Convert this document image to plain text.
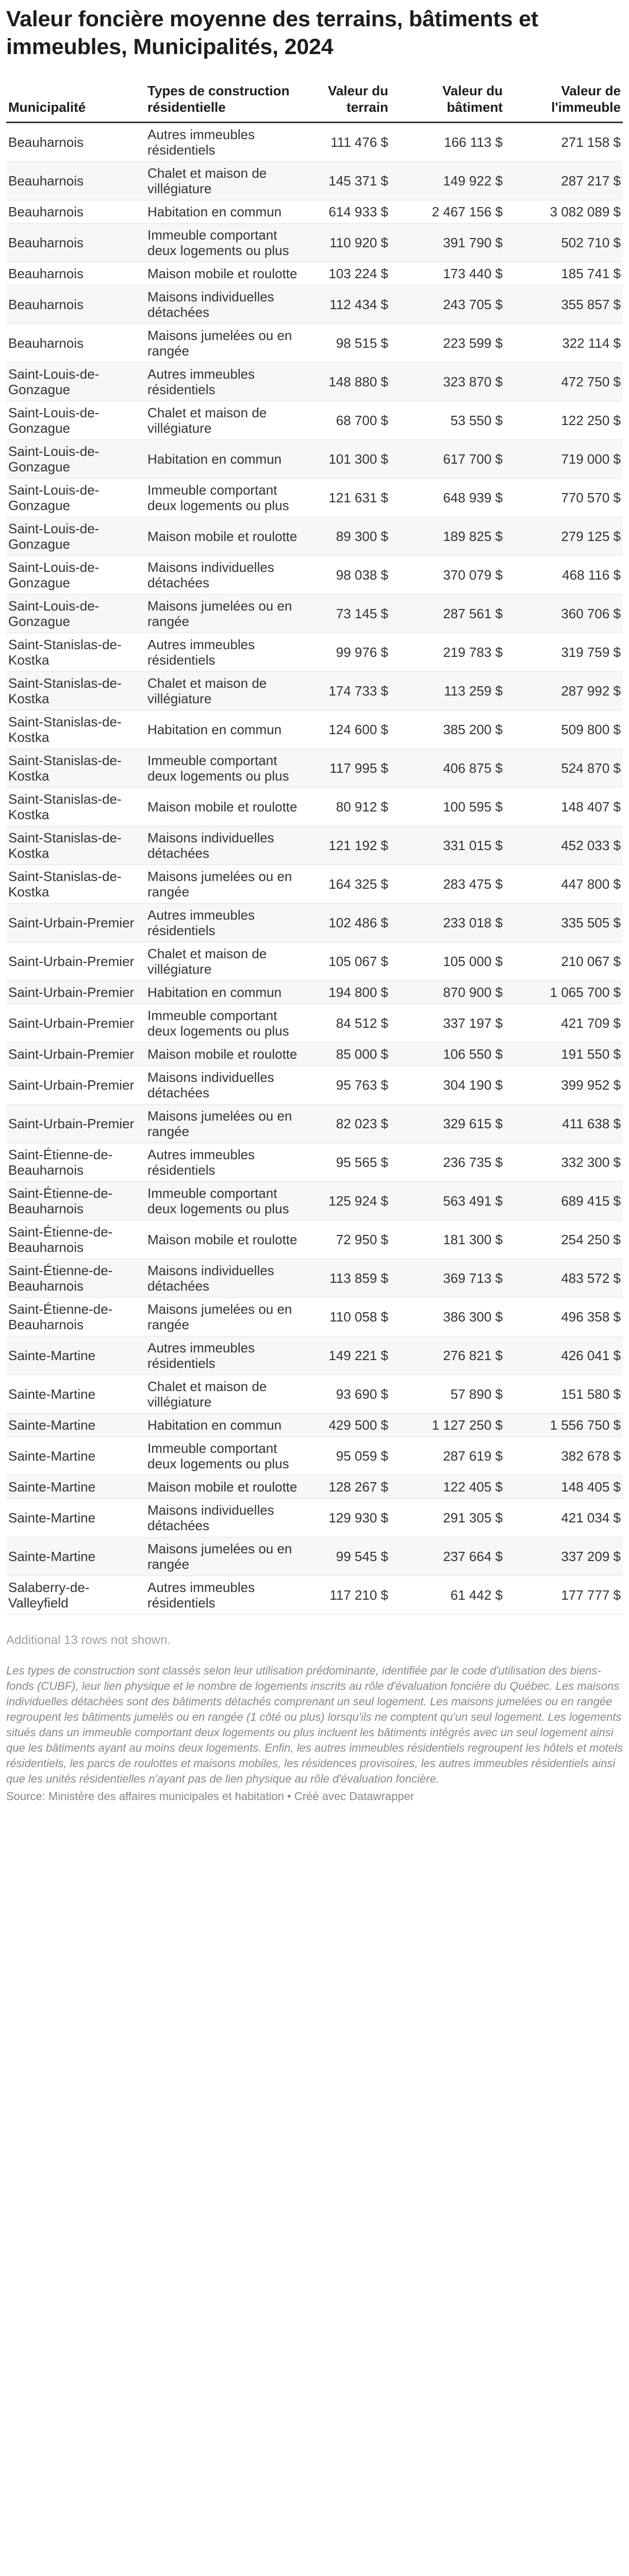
Valeur foncière moyenne des terrains, bâtiments et immeubles, Municipalités, 2024
Municipalité	Types de construction résidentielle	Valeur du terrain	Valeur du bâtiment	Valeur de l'immeuble
Beauharnois	Autres immeubles résidentiels	111 476 $	166 113 $	271 158 $
Beauharnois	Chalet et maison de villégiature	145 371 $	149 922 $	287 217 $
Beauharnois	Habitation en commun	614 933 $	2 467 156 $	3 082 089 $
Beauharnois	Immeuble comportant deux logements ou plus	110 920 $	391 790 $	502 710 $
Beauharnois	Maison mobile et roulotte	103 224 $	173 440 $	185 741 $
Beauharnois	Maisons individuelles détachées	112 434 $	243 705 $	355 857 $
Beauharnois	Maisons jumelées ou en rangée	98 515 $	223 599 $	322 114 $
Saint-Louis-de-Gonzague	Autres immeubles résidentiels	148 880 $	323 870 $	472 750 $
Saint-Louis-de-Gonzague	Chalet et maison de villégiature	68 700 $	53 550 $	122 250 $
Saint-Louis-de-Gonzague	Habitation en commun	101 300 $	617 700 $	719 000 $
Saint-Louis-de-Gonzague	Immeuble comportant deux logements ou plus	121 631 $	648 939 $	770 570 $
Saint-Louis-de-Gonzague	Maison mobile et roulotte	89 300 $	189 825 $	279 125 $
Saint-Louis-de-Gonzague	Maisons individuelles détachées	98 038 $	370 079 $	468 116 $
Saint-Louis-de-Gonzague	Maisons jumelées ou en rangée	73 145 $	287 561 $	360 706 $
Saint-Stanislas-de-Kostka	Autres immeubles résidentiels	99 976 $	219 783 $	319 759 $
Saint-Stanislas-de-Kostka	Chalet et maison de villégiature	174 733 $	113 259 $	287 992 $
Saint-Stanislas-de-Kostka	Habitation en commun	124 600 $	385 200 $	509 800 $
Saint-Stanislas-de-Kostka	Immeuble comportant deux logements ou plus	117 995 $	406 875 $	524 870 $
Saint-Stanislas-de-Kostka	Maison mobile et roulotte	80 912 $	100 595 $	148 407 $
Saint-Stanislas-de-Kostka	Maisons individuelles détachées	121 192 $	331 015 $	452 033 $
Saint-Stanislas-de-Kostka	Maisons jumelées ou en rangée	164 325 $	283 475 $	447 800 $
Saint-Urbain-Premier	Autres immeubles résidentiels	102 486 $	233 018 $	335 505 $
Saint-Urbain-Premier	Chalet et maison de villégiature	105 067 $	105 000 $	210 067 $
Saint-Urbain-Premier	Habitation en commun	194 800 $	870 900 $	1 065 700 $
Saint-Urbain-Premier	Immeuble comportant deux logements ou plus	84 512 $	337 197 $	421 709 $
Saint-Urbain-Premier	Maison mobile et roulotte	85 000 $	106 550 $	191 550 $
Saint-Urbain-Premier	Maisons individuelles détachées	95 763 $	304 190 $	399 952 $
Saint-Urbain-Premier	Maisons jumelées ou en rangée	82 023 $	329 615 $	411 638 $
Saint-Étienne-de-Beauharnois	Autres immeubles résidentiels	95 565 $	236 735 $	332 300 $
Saint-Étienne-de-Beauharnois	Immeuble comportant deux logements ou plus	125 924 $	563 491 $	689 415 $
Saint-Étienne-de-Beauharnois	Maison mobile et roulotte	72 950 $	181 300 $	254 250 $
Saint-Étienne-de-Beauharnois	Maisons individuelles détachées	113 859 $	369 713 $	483 572 $
Saint-Étienne-de-Beauharnois	Maisons jumelées ou en rangée	110 058 $	386 300 $	496 358 $
Sainte-Martine	Autres immeubles résidentiels	149 221 $	276 821 $	426 041 $
Sainte-Martine	Chalet et maison de villégiature	93 690 $	57 890 $	151 580 $
Sainte-Martine	Habitation en commun	429 500 $	1 127 250 $	1 556 750 $
Sainte-Martine	Immeuble comportant deux logements ou plus	95 059 $	287 619 $	382 678 $
Sainte-Martine	Maison mobile et roulotte	128 267 $	122 405 $	148 405 $
Sainte-Martine	Maisons individuelles détachées	129 930 $	291 305 $	421 034 $
Sainte-Martine	Maisons jumelées ou en rangée	99 545 $	237 664 $	337 209 $
Salaberry-de-Valleyfield	Autres immeubles résidentiels	117 210 $	61 442 $	177 777 $
Additional 13 rows not shown.
Les types de construction sont classés selon leur utilisation prédominante, identifiée par le code d'utilisation des biens-fonds (CUBF), leur lien physique et le nombre de logements inscrits au rôle d'évaluation foncière du Québec. Les maisons individuelles détachées sont des bâtiments détachés comprenant un seul logement. Les maisons jumelées ou en rangée regroupent les bâtiments jumelés ou en rangée (1 côté ou plus) lorsqu'ils ne comptent qu'un seul logement. Les logements situés dans un immeuble comportant deux logements ou plus incluent les bâtiments intégrés avec un seul logement ainsi que les bâtiments ayant au moins deux logements. Enfin, les autres immeubles résidentiels regroupent les hôtels et motels résidentiels, les parcs de roulottes et maisons mobiles, les résidences provisoires, les autres immeubles résidentiels ainsi que les unités résidentielles n'ayant pas de lien physique au rôle d'évaluation foncière.
Source: Ministère des affaires municipales et habitation • Créé avec Datawrapper
